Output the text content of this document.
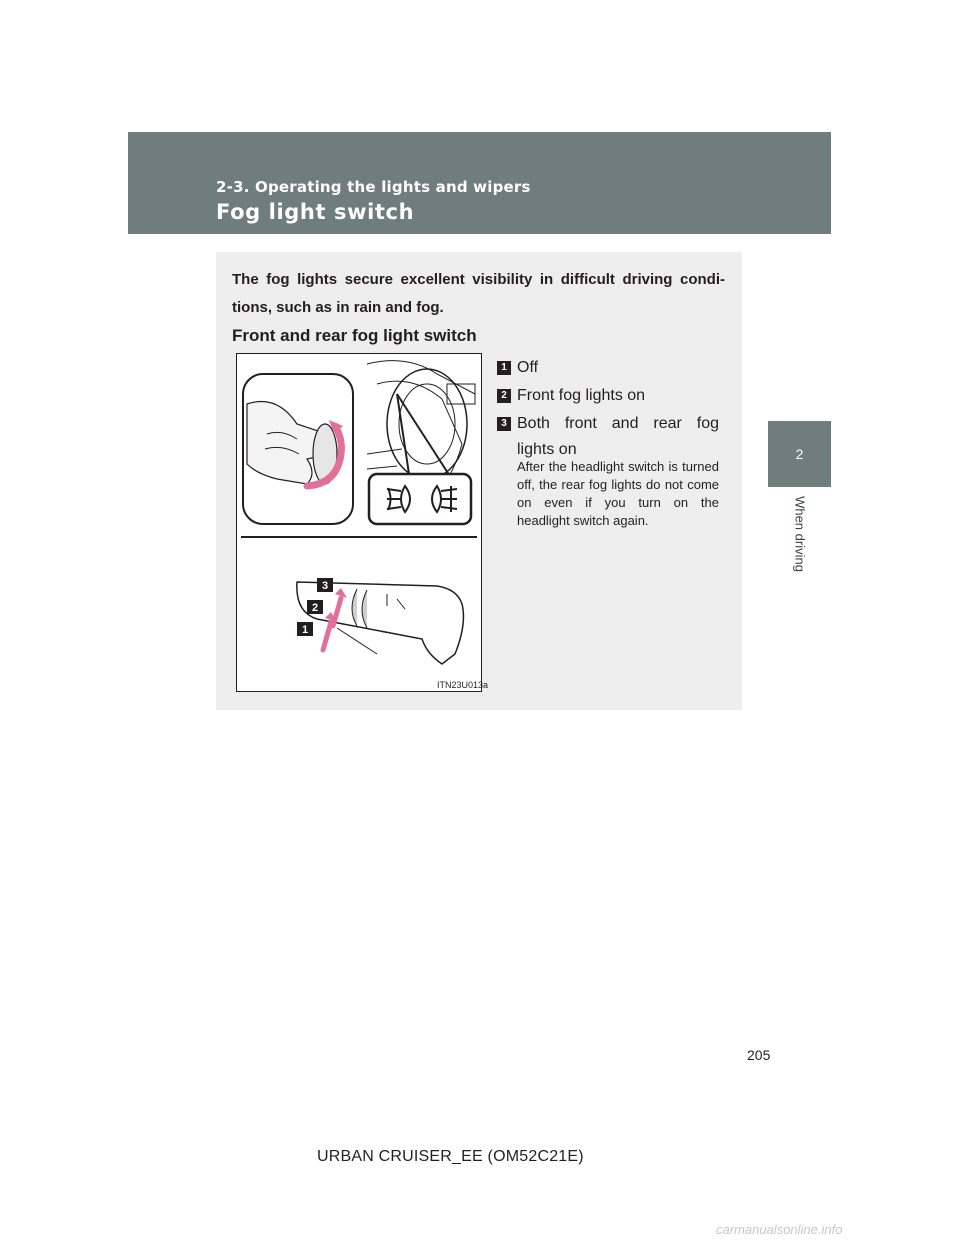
2-3. Operating the lights and wipers
Fog light switch
2
When driving
The fog lights secure excellent visibility in difficult driving condi-tions, such as in rain and fog.
Front and rear fog light switch
3
2
1
ITN23U013a
1 Off
2 Front fog lights on
3 Both front and rear fog
lights on
After the headlight switch is turned off, the rear fog lights do not come on even if you turn on the headlight switch again.
205
URBAN CRUISER_EE (OM52C21E)
carmanualsonline.info
